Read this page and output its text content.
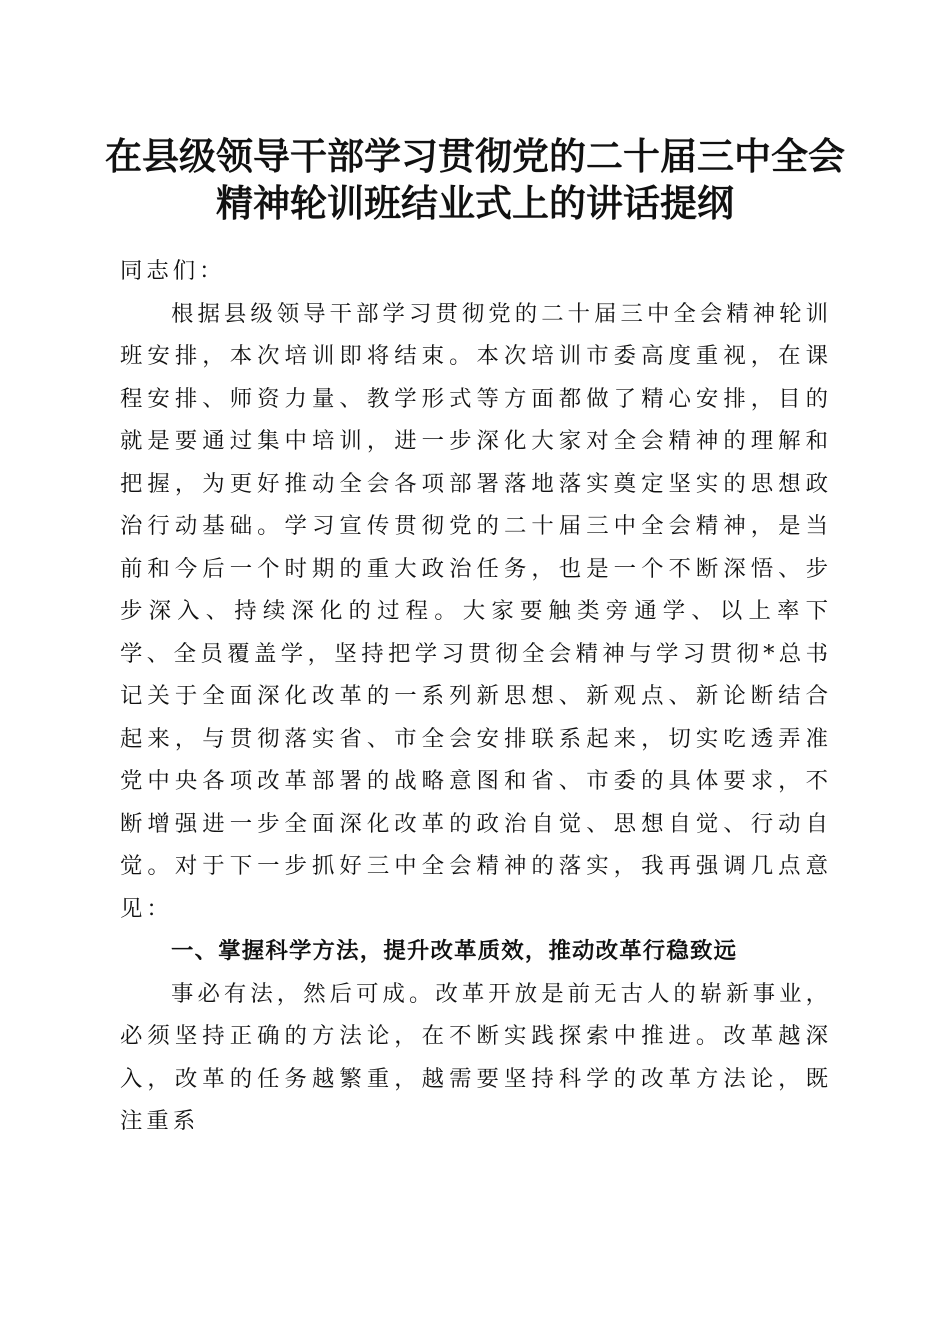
在县级领导干部学习贯彻党的二十届三中全会
精神轮训班结业式上的讲话提纲

同志们：

根据县级领导干部学习贯彻党的二十届三中全会精神轮训班安排，本次培训即将结束。本次培训市委高度重视，在课程安排、师资力量、教学形式等方面都做了精心安排，目的就是要通过集中培训，进一步深化大家对全会精神的理解和把握，为更好推动全会各项部署落地落实奠定坚实的思想政治行动基础。学习宣传贯彻党的二十届三中全会精神，是当前和今后一个时期的重大政治任务，也是一个不断深悟、步步深入、持续深化的过程。大家要触类旁通学、以上率下学、全员覆盖学，坚持把学习贯彻全会精神与学习贯彻*总书记关于全面深化改革的一系列新思想、新观点、新论断结合起来，与贯彻落实省、市全会安排联系起来，切实吃透弄准党中央各项改革部署的战略意图和省、市委的具体要求，不断增强进一步全面深化改革的政治自觉、思想自觉、行动自觉。对于下一步抓好三中全会精神的落实，我再强调几点意见：

一、掌握科学方法，提升改革质效，推动改革行稳致远

事必有法，然后可成。改革开放是前无古人的崭新事业，必须坚持正确的方法论，在不断实践探索中推进。改革越深入，改革的任务越繁重，越需要坚持科学的改革方法论，既注重系
